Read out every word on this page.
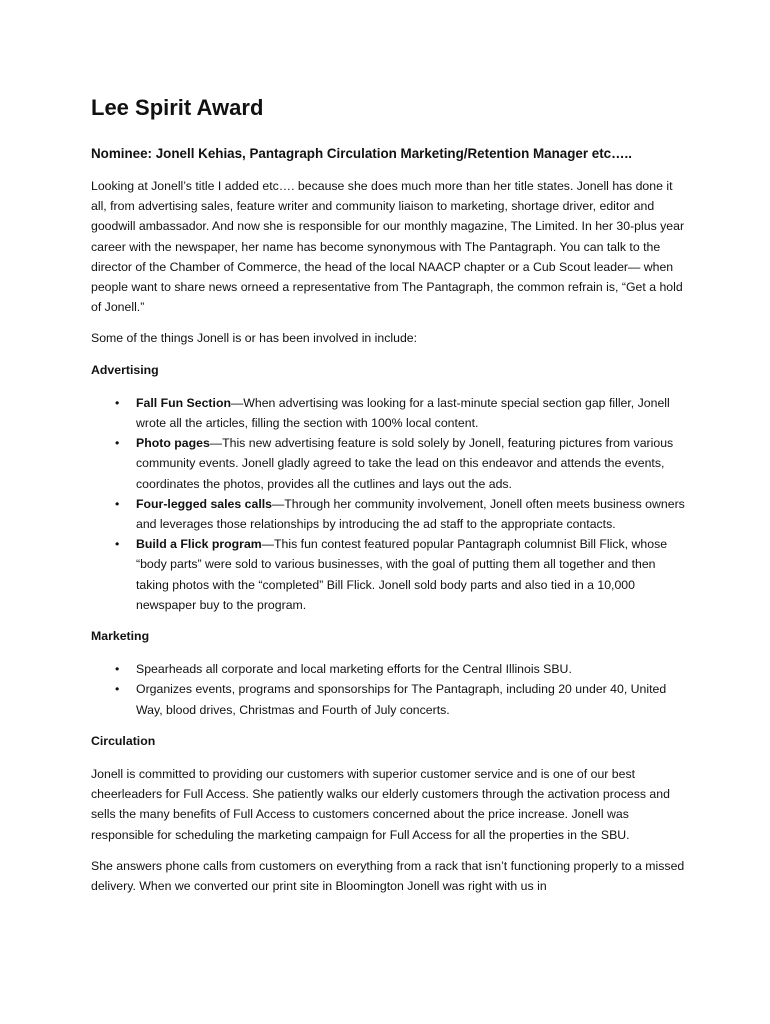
Lee Spirit Award
Nominee: Jonell Kehias, Pantagraph Circulation Marketing/Retention Manager etc…..

Looking at Jonell’s title I added etc…. because she does much more than her title states. Jonell has done it all, from advertising sales, feature writer and community liaison to marketing, shortage driver, editor and goodwill ambassador. And now she is responsible for our monthly magazine, The Limited. In her 30-plus year career with the newspaper, her name has become synonymous with The Pantagraph. You can talk to the director of the Chamber of Commerce, the head of the local NAACP chapter or a Cub Scout leader— when people want to share news orneed a representative from The Pantagraph, the common refrain is, “Get a hold of Jonell.”

Some of the things Jonell is or has been involved in include:

Advertising
• Fall Fun Section—When advertising was looking for a last-minute special section gap filler, Jonell wrote all the articles, filling the section with 100% local content.
• Photo pages—This new advertising feature is sold solely by Jonell, featuring pictures from various community events. Jonell gladly agreed to take the lead on this endeavor and attends the events, coordinates the photos, provides all the cutlines and lays out the ads.
• Four-legged sales calls—Through her community involvement, Jonell often meets business owners and leverages those relationships by introducing the ad staff to the appropriate contacts.
• Build a Flick program—This fun contest featured popular Pantagraph columnist Bill Flick, whose “body parts” were sold to various businesses, with the goal of putting them all together and then taking photos with the “completed” Bill Flick. Jonell sold body parts and also tied in a 10,000 newspaper buy to the program.
Marketing
• Spearheads all corporate and local marketing efforts for the Central Illinois SBU.
• Organizes events, programs and sponsorships for The Pantagraph, including 20 under 40, United Way, blood drives, Christmas and Fourth of July concerts.
Circulation

Jonell is committed to providing our customers with superior customer service and is one of our best cheerleaders for Full Access. She patiently walks our elderly customers through the activation process and sells the many benefits of Full Access to customers concerned about the price increase. Jonell was responsible for scheduling the marketing campaign for Full Access for all the properties in the SBU.

She answers phone calls from customers on everything from a rack that isn’t functioning properly to a missed delivery. When we converted our print site in Bloomington Jonell was right with us in
